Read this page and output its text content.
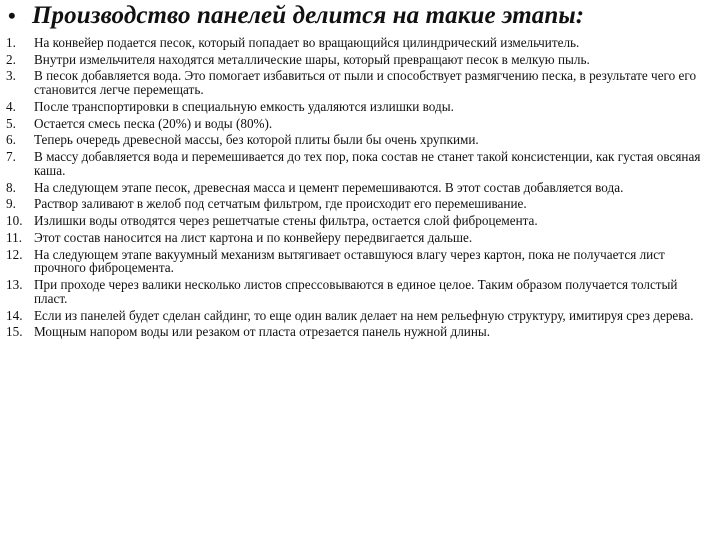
• Производство панелей делится на такие этапы:
1.	На конвейер подается песок, который попадает во вращающийся цилиндрический измельчитель.
2.	Внутри измельчителя находятся металлические шары, который превращают песок в мелкую пыль.
3.	В песок добавляется вода. Это помогает избавиться от пыли и способствует размягчению песка, в результате чего его становится легче перемещать.
4.	После транспортировки в специальную емкость удаляются излишки воды.
5.	Остается смесь песка (20%) и воды (80%).
6.	Теперь очередь древесной массы, без которой плиты были бы очень хрупкими.
7.	В массу добавляется вода и перемешивается до тех пор, пока состав не станет такой консистенции, как густая овсяная каша.
8.	На следующем этапе песок, древесная масса и цемент перемешиваются. В этот состав добавляется вода.
9.	Раствор заливают в желоб под сетчатым фильтром, где происходит его перемешивание.
10. Излишки воды отводятся через решетчатые стены фильтра, остается слой фиброцемента.
11. Этот состав наносится на лист картона и по конвейеру передвигается дальше.
12. На следующем этапе вакуумный механизм вытягивает оставшуюся влагу через картон, пока не получается лист прочного фиброцемента.
13. При проходе через валики несколько листов спрессовываются в единое целое. Таким образом получается толстый пласт.
14. Если из панелей будет сделан сайдинг, то еще один валик делает на нем рельефную структуру, имитируя срез дерева.
15. Мощным напором воды или резаком от пласта отрезается панель нужной длины.
